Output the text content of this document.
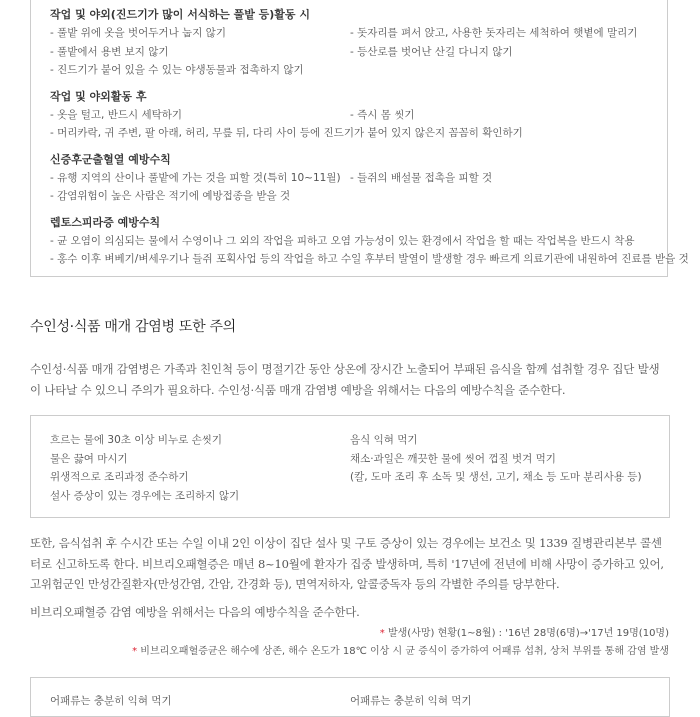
작업 및 야외(진드기가 많이 서식하는 풀밭 등)활동 시

- 풀밭 위에 옷을 벗어두거나 눕지 않기	- 돗자리를 펴서 앉고, 사용한 돗자리는 세척하여 햇볕에 말리기
- 풀밭에서 용변 보지 않기	- 등산로를 벗어난 산길 다니지 않기
- 진드기가 붙어 있을 수 있는 야생동물과 접촉하지 않기

작업 및 야외활동 후

- 옷을 털고, 반드시 세탁하기	- 즉시 몸 씻기
- 머리카락, 귀 주변, 팔 아래, 허리, 무릎 뒤, 다리 사이 등에 진드기가 붙어 있지 않은지 꼼꼼히 확인하기

신증후군출혈열 예방수칙

- 유행 지역의 산이나 풀밭에 가는 것을 피할 것(특히 10~11월) - 들쥐의 배설물 접촉을 피할 것
- 감염위험이 높은 사람은 적기에 예방접종을 받을 것

렙토스피라증 예방수칙

- 균 오염이 의심되는 물에서 수영이나 그 외의 작업을 피하고 오염 가능성이 있는 환경에서 작업을 할 때는 작업복을 반드시 착용
- 홍수 이후 벼베기/벼세우기나 들쥐 포획사업 등의 작업을 하고 수일 후부터 발열이 발생할 경우 빠르게 의료기관에 내원하여 진료를 받을 것
수인성·식품 매개 감염병 또한 주의

수인성·식품 매개 감염병은 가족과 친인척 등이 명절기간 동안 상온에 장시간 노출되어 부패된 음식을 함께 섭취할 경우 집단 발생이 나타날 수 있으니 주의가 필요하다. 수인성·식품 매개 감염병 예방을 위해서는 다음의 예방수칙을 준수한다.

흐르는 물에 30초 이상 비누로 손씻기	음식 익혀 먹기
물은 끓여 마시기	채소·과일은 깨끗한 물에 씻어 껍질 벗겨 먹기
위생적으로 조리과정 준수하기	(칼, 도마 조리 후 소독 및 생선, 고기, 채소 등 도마 분리사용 등)
설사 증상이 있는 경우에는 조리하지 않기

또한, 음식섭취 후 수시간 또는 수일 이내 2인 이상이 집단 설사 및 구토 증상이 있는 경우에는 보건소 및 1339 질병관리본부 콜센터로 신고하도록 한다. 비브리오패혈증은 매년 8~10월에 환자가 집중 발생하며, 특히 '17년에 전년에 비해 사망이 증가하고 있어, 고위험군인 만성간질환자(만성간염, 간암, 간경화 등), 면역저하자, 알콜중독자 등의 각별한 주의를 당부한다.

비브리오패혈증 감염 예방을 위해서는 다음의 예방수칙을 준수한다.

* 발생(사망) 현황(1~8월) : '16년 28명(6명)→'17년 19명(10명)
* 비브리오패혈증균은 해수에 상존, 해수 온도가 18℃ 이상 시 균 증식이 증가하여 어패류 섭취, 상처 부위를 통해 감염 발생
어패류는 충분히 익혀 먹기	어패류는 충분히 익혀 먹기
